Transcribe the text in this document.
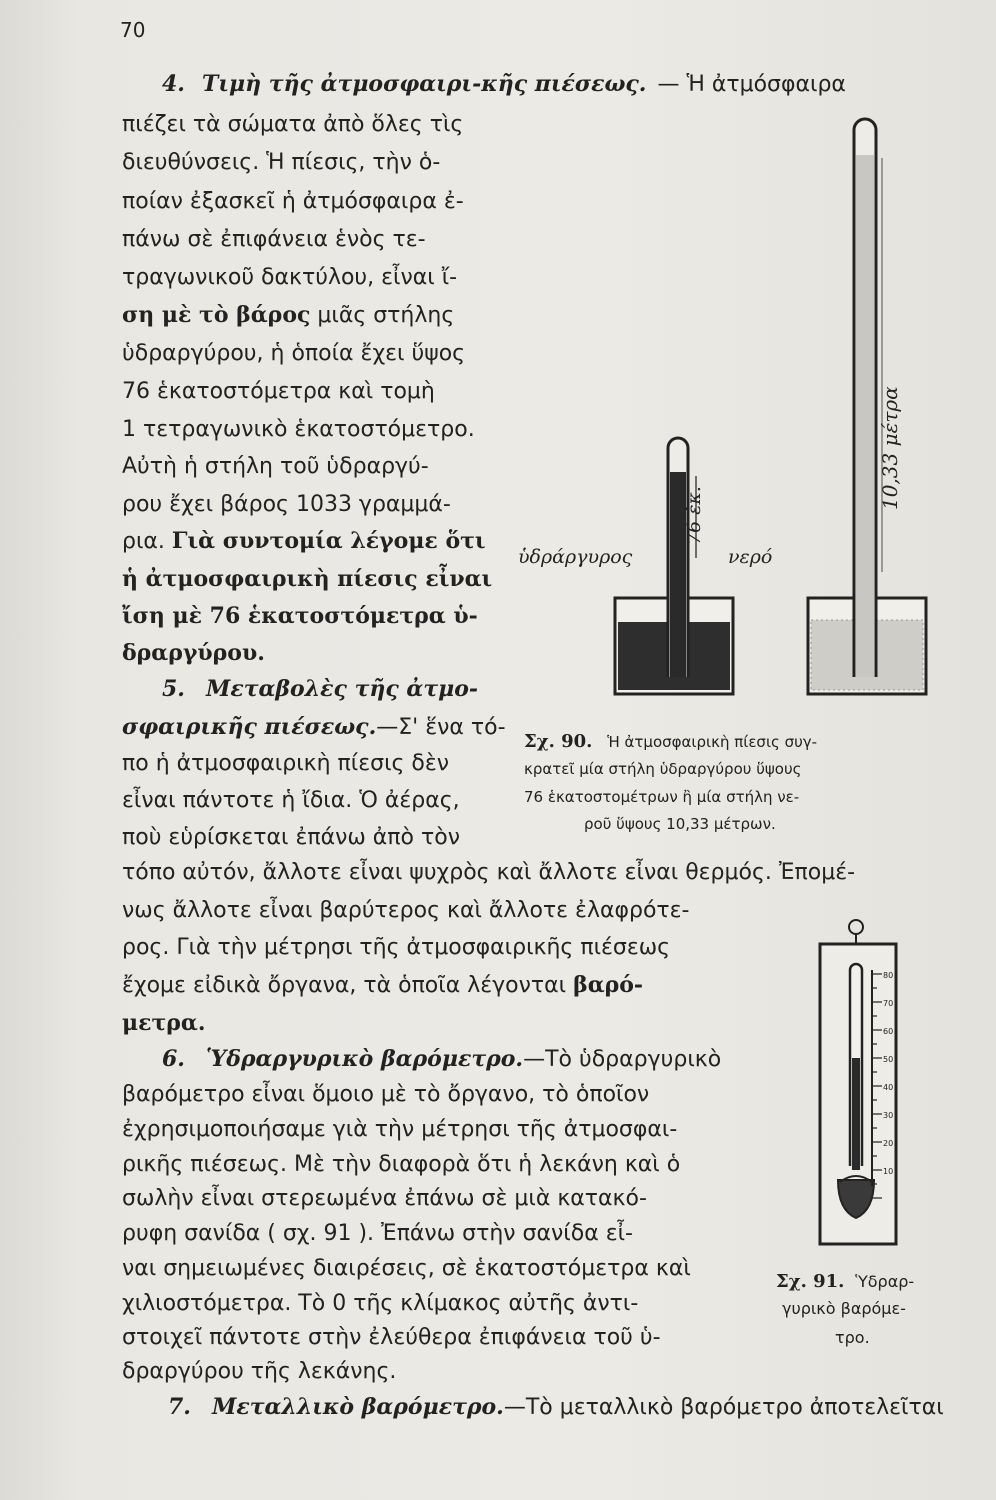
70
4. Τιμὴ τῆς ἀτμοσφαιρι-κῆς πιέσεως. — Ἡ ἀτμόσφαιρα
πιέζει τὰ σώματα ἀπὸ ὅλες τὶς
διευθύνσεις. Ἡ πίεσις, τὴν ὁ-
ποίαν ἐξασκεῖ ἡ ἀτμόσφαιρα ἐ-
πάνω σὲ ἐπιφάνεια ἑνὸς τε-
τραγωνικοῦ δακτύλου, εἶναι ἴ-
ση μὲ τὸ βάρος μιᾶς στήλης
ὑδραργύρου, ἡ ὁποία ἔχει ὕψος
76 ἑκατοστόμετρα καὶ τομὴ
1 τετραγωνικὸ ἑκατοστόμετρο.
Αὐτὴ ἡ στήλη τοῦ ὑδραργύ-
ρου ἔχει βάρος 1033 γραμμά-
ρια. Γιὰ συντομία λέγομε ὅτι
ἡ ἀτμοσφαιρικὴ πίεσις εἶναι
ἴση μὲ 76 ἑκατοστόμετρα ὑ-
δραργύρου.
5. Μεταβολὲς τῆς ἀτμο-
σφαιρικῆς πιέσεως.—Σ' ἕνα τό-
πο ἡ ἀτμοσφαιρικὴ πίεσις δὲν
εἶναι πάντοτε ἡ ἴδια. Ὁ ἀέρας,
ποὺ εὑρίσκεται ἐπάνω ἀπὸ τὸν
τόπο αὐτόν, ἄλλοτε εἶναι ψυχρὸς καὶ ἄλλοτε εἶναι θερμός. Ἐπομέ-
νως ἄλλοτε εἶναι βαρύτερος καὶ ἄλλοτε ἐλαφρότε-
ρος. Γιὰ τὴν μέτρησι τῆς ἀτμοσφαιρικῆς πιέσεως
ἔχομε εἰδικὰ ὄργανα, τὰ ὁποῖα λέγονται βαρό-
μετρα.
6. Ὑδραργυρικὸ βαρόμετρο.—Τὸ ὑδραργυρικὸ
βαρόμετρο εἶναι ὅμοιο μὲ τὸ ὄργανο, τὸ ὁποῖον
ἐχρησιμοποιήσαμε γιὰ τὴν μέτρησι τῆς ἀτμοσφαι-
ρικῆς πιέσεως. Μὲ τὴν διαφορὰ ὅτι ἡ λεκάνη καὶ ὁ
σωλὴν εἶναι στερεωμένα ἐπάνω σὲ μιὰ κατακό-
ρυφη σανίδα ( σχ. 91 ). Ἐπάνω στὴν σανίδα εἶ-
ναι σημειωμένες διαιρέσεις, σὲ ἑκατοστόμετρα καὶ
χιλιοστόμετρα. Τὸ 0 τῆς κλίμακος αὐτῆς ἀντι-
στοιχεῖ πάντοτε στὴν ἐλεύθερα ἐπιφάνεια τοῦ ὑ-
δραργύρου τῆς λεκάνης.
7. Μεταλλικὸ βαρόμετρο.—Τὸ μεταλλικὸ βαρόμετρο ἀποτελεῖται
ὑδράργυρος	νερό
76 ἑκ.
10,33 μέτρα
Σχ. 90. Ἡ ἀτμοσφαιρικὴ πίεσις συγ-
κρατεῖ μία στήλη ὑδραργύρου ὕψους
76 ἑκατοστομέτρων ἢ μία στήλη νε-
ροῦ ὕψους 10,33 μέτρων.
80
70
60
50
40
30
20
10
Σχ. 91. Ὑδραρ-
γυρικὸ βαρόμε-
τρο.
